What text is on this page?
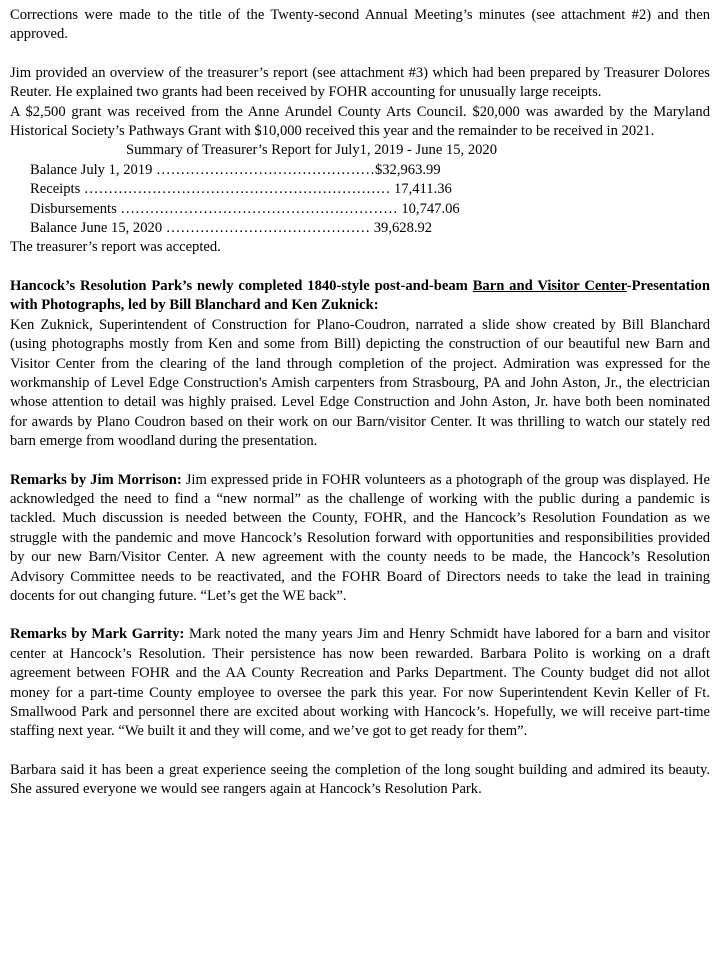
Corrections were made to the title of the Twenty-second Annual Meeting’s minutes (see attachment #2) and then approved.

Jim provided an overview of the treasurer’s report (see attachment #3) which had been prepared by Treasurer Dolores Reuter. He explained two grants had been received by FOHR accounting for unusually large receipts.

A $2,500 grant was received from the Anne Arundel County Arts Council. $20,000 was awarded by the Maryland Historical Society’s Pathways Grant with $10,000 received this year and the remainder to be received in 2021.

Summary of Treasurer’s Report for July1, 2019 - June 15, 2020

Balance July 1, 2019 ………………………………………$32,963.99

Receipts ……………………………………………………… 17,411.36

Disbursements ………………………………………………… 10,747.06

Balance June 15, 2020 …………………………………… 39,628.92

The treasurer’s report was accepted.

Hancock’s Resolution Park’s newly completed 1840-style post-and-beam Barn and Visitor Center-Presentation with Photographs, led by Bill Blanchard and Ken Zuknick:

Ken Zuknick, Superintendent of Construction for Plano-Coudron, narrated a slide show created by Bill Blanchard (using photographs mostly from Ken and some from Bill) depicting the construction of our beautiful new Barn and Visitor Center from the clearing of the land through completion of the project. Admiration was expressed for the workmanship of Level Edge Construction's Amish carpenters from Strasbourg, PA and John Aston, Jr., the electrician whose attention to detail was highly praised. Level Edge Construction and John Aston, Jr. have both been nominated for awards by Plano Coudron based on their work on our Barn/visitor Center. It was thrilling to watch our stately red barn emerge from woodland during the presentation.

Remarks by Jim Morrison: Jim expressed pride in FOHR volunteers as a photograph of the group was displayed. He acknowledged the need to find a “new normal” as the challenge of working with the public during a pandemic is tackled. Much discussion is needed between the County, FOHR, and the Hancock’s Resolution Foundation as we struggle with the pandemic and move Hancock’s Resolution forward with opportunities and responsibilities provided by our new Barn/Visitor Center. A new agreement with the county needs to be made, the Hancock’s Resolution Advisory Committee needs to be reactivated, and the FOHR Board of Directors needs to take the lead in training docents for out changing future. “Let’s get the WE back”.

Remarks by Mark Garrity: Mark noted the many years Jim and Henry Schmidt have labored for a barn and visitor center at Hancock’s Resolution. Their persistence has now been rewarded. Barbara Polito is working on a draft agreement between FOHR and the AA County Recreation and Parks Department. The County budget did not allot money for a part-time County employee to oversee the park this year. For now Superintendent Kevin Keller of Ft. Smallwood Park and personnel there are excited about working with Hancock’s. Hopefully, we will receive part-time staffing next year. “We built it and they will come, and we’ve got to get ready for them”.

Barbara said it has been a great experience seeing the completion of the long sought building and admired its beauty. She assured everyone we would see rangers again at Hancock’s Resolution Park.
